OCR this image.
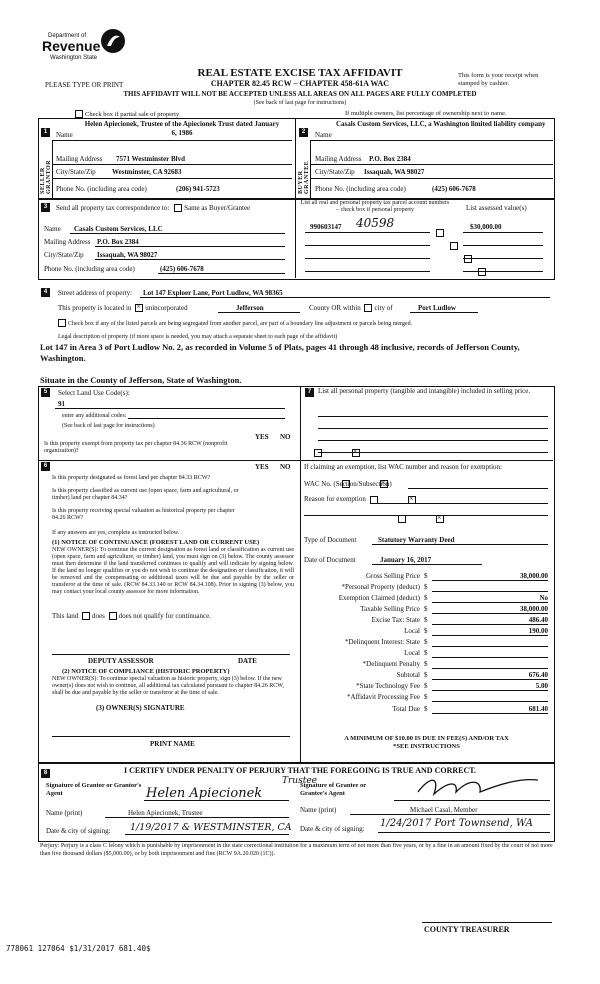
Department of
Revenue
Washington State
REAL ESTATE EXCISE TAX AFFIDAVIT
CHAPTER 82.45 RCW – CHAPTER 458-61A WAC
PLEASE TYPE OR PRINT
This form is your receipt when stamped by cashier.
THIS AFFIDAVIT WILL NOT BE ACCEPTED UNLESS ALL AREAS ON ALL PAGES ARE FULLY COMPLETED
(See back of last page for instructions)
Check box if partial sale of property	If multiple owners, list percentage of ownership next to name.
1
SELLER GRANTOR
Name
Helen Apiecionek, Trustee of the Apiecionek Trust dated January 6, 1986
Mailing Address 7571 Westminster Blvd
City/State/Zip Westminster, CA 92683
Phone No. (including area code)	(206) 941-5723
2
BUYER GRANTEE
Name
Casals Custom Services, LLC, a Washington limited liability company
Mailing Address P.O. Box 2384
City/State/Zip Issaquah, WA 98027
Phone No. (including area code)	(425) 606-7678
3	Send all property tax correspondence to: Same as Buyer/Grantee
Name Casals Custom Services, LLC
Mailing Address P.O. Box 2384
City/State/Zip Issaquah, WA 98027
Phone No. (including area code)	(425) 606-7678
List all real and personal property tax parcel account numbers – check box if personal property	List assessed value(s)
990603147 40598	$30,000.00

4	Street address of property: Lot 147 Exploer Lane, Port Ludlow, WA 98365
This property is located in × unincorporated	Jefferson	County OR within city of	Port Ludlow
Check box if any of the listed parcels are being segregated from another parcel, are part of a boundary line adjustment or parcels being merged.
Legal description of property (if more space is needed, you may attach a separate sheet to each page of the affidavit)
Lot 147 in Area 3 of Port Ludlow No. 2, as recorded in Volume 5 of Plats, pages 41 through 48 inclusive, records of Jefferson County, Washington.
Situate in the County of Jefferson, State of Washington.
5	Select Land Use Code(s):
91
enter any additional codes:
(See back of last page for instructions)
YES NO
Is this property exempt from property tax per chapter 84.36 RCW (nonprofit organization)?
×
6	YES NO
Is this property designated as forest land per chapter 84.33 RCW?
×
Is this property classified as current use (open space, farm and agricultural, or timber) land per chapter 84.34?
×
Is this property receiving special valuation as historical property per chapter 84.26 RCW?
×
If any answers are yes, complete as instructed below.
(1) NOTICE OF CONTINUANCE (FOREST LAND OR CURRENT USE)
NEW OWNER(S): To continue the current designation as forest land or classification as current use (open space, farm and agriculture, or timber) land, you must sign on (3) below. The county assessor must then determine if the land transferred continues to qualify and will indicate by signing below. If the land no longer qualifies or you do not wish to continue the designation or classification, it will be removed and the compensating or additional taxes will be due and payable by the seller or transferor at the time of sale. (RCW 84.33.140 or RCW 84.34.108). Prior to signing (3) below, you may contact your local county assessor for more information.
This land does does not qualify for continuance.
DEPUTY ASSESSOR	DATE
(2) NOTICE OF COMPLIANCE (HISTORIC PROPERTY)
NEW OWNER(S): To continue special valuation as historic property, sign (3) below. If the new owner(s) does not wish to continue, all additional tax calculated pursuant to chapter 84.26 RCW, shall be due and payable by the seller or transferor at the time of sale.
(3) OWNER(S) SIGNATURE
PRINT NAME
7 List all personal property (tangible and intangible) included in selling price.
If claiming an exemption, list WAC number and reason for exemption:
WAC No. (Section/Subsection)
Reason for exemption
Type of Document	Statutory Warranty Deed
Date of Document	January 16, 2017
Gross Selling Price $	38,000.00
*Personal Property (deduct) $
Exemption Claimed (deduct) $	No
Taxable Selling Price $	38,000.00
Excise Tax: State $	486.40
Local $	190.00
*Delinquent Interest: State $
Local $
*Delinquent Penalty $
Subtotal $	676.40
*State Technology Fee $	5.00
*Affidavit Processing Fee $
Total Due $	681.40
A MINIMUM OF $10.00 IS DUE IN FEE(S) AND/OR TAX
*SEE INSTRUCTIONS
8	I CERTIFY UNDER PENALTY OF PERJURY THAT THE FOREGOING IS TRUE AND CORRECT.
Signature of Grantor or Grantor's Agent	Helen Apiecionek
Trustee
Signature of Grantee or Grantee's Agent
Name (print)	Helen Apiecionek, Trustee	Name (print)	Michael Casal, Member
Date & city of signing: 1/19/2017 & WESTMINSTER, CA Date & city of signing: 1/24/2017 Port Townsend, WA
Perjury: Perjury is a class C felony which is punishable by imprisonment in the state correctional institution for a maximum term of not more than five years, or by a fine in an amount fixed by the court of not more than five thousand dollars ($5,000.00), or by both imprisonment and fine (RCW 9A.20.020 (1C)).
COUNTY TREASURER
778061 127064 $1/31/2017 681.40$
